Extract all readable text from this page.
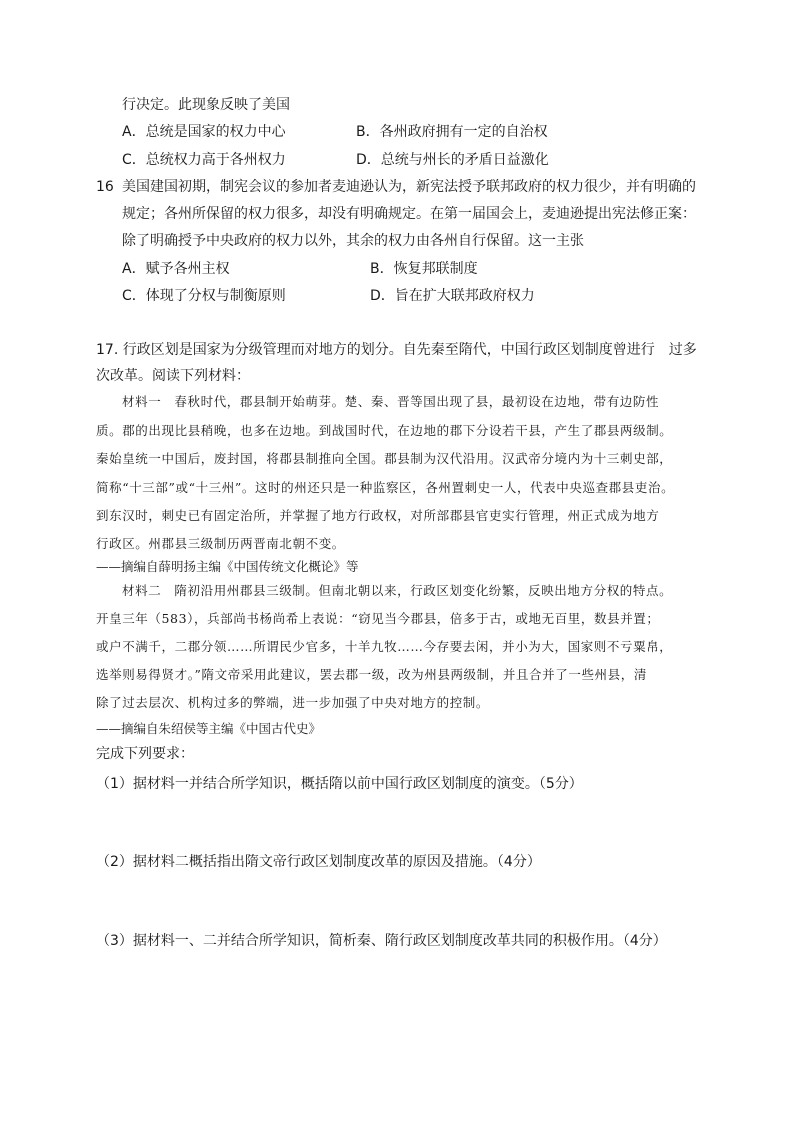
行决定。此现象反映了美国
A．总统是国家的权力中心	B．各州政府拥有一定的自治权
C．总统权力高于各州权力	D．总统与州长的矛盾日益激化
16 美国建国初期，制宪会议的参加者麦迪逊认为，新宪法授予联邦政府的权力很少，并有明确的
规定；各州所保留的权力很多，却没有明确规定。在第一届国会上，麦迪逊提出宪法修正案：
除了明确授予中央政府的权力以外，其余的权力由各州自行保留。这一主张
A．赋予各州主权	B．恢复邦联制度
C．体现了分权与制衡原则	D．旨在扩大联邦政府权力
17. 行政区划是国家为分级管理而对地方的划分。自先秦至隋代，中国行政区划制度曾进行　过多
次改革。阅读下列材料：
材料一　春秋时代，郡县制开始萌芽。楚、秦、晋等国出现了县，最初设在边地，带有边防性
质。郡的出现比县稍晚，也多在边地。到战国时代，在边地的郡下分设若干县，产生了郡县两级制。
秦始皇统一中国后，废封国，将郡县制推向全国。郡县制为汉代沿用。汉武帝分境内为十三刺史部，
简称“十三部”或“十三州”。这时的州还只是一种监察区，各州置刺史一人，代表中央巡查郡县吏治。
到东汉时，刺史已有固定治所，并掌握了地方行政权，对所部郡县官吏实行管理，州正式成为地方
行政区。州郡县三级制历两晋南北朝不变。
——摘编自薛明扬主编《中国传统文化概论》等
材料二　隋初沿用州郡县三级制。但南北朝以来，行政区划变化纷繁，反映出地方分权的特点。
开皇三年（583），兵部尚书杨尚希上表说：“窃见当今郡县，倍多于古，或地无百里，数县并置；
或户不满千，二郡分领……所谓民少官多，十羊九牧……今存要去闲，并小为大，国家则不亏粟帛，
选举则易得贤才。”隋文帝采用此建议，罢去郡一级，改为州县两级制，并且合并了一些州县，清
除了过去层次、机构过多的弊端，进一步加强了中央对地方的控制。
——摘编自朱绍侯等主编《中国古代史》
完成下列要求：
（1）据材料一并结合所学知识，概括隋以前中国行政区划制度的演变。（5分）
（2）据材料二概括指出隋文帝行政区划制度改革的原因及措施。（4分）
（3）据材料一、二并结合所学知识，简析秦、隋行政区划制度改革共同的积极作用。（4分）
